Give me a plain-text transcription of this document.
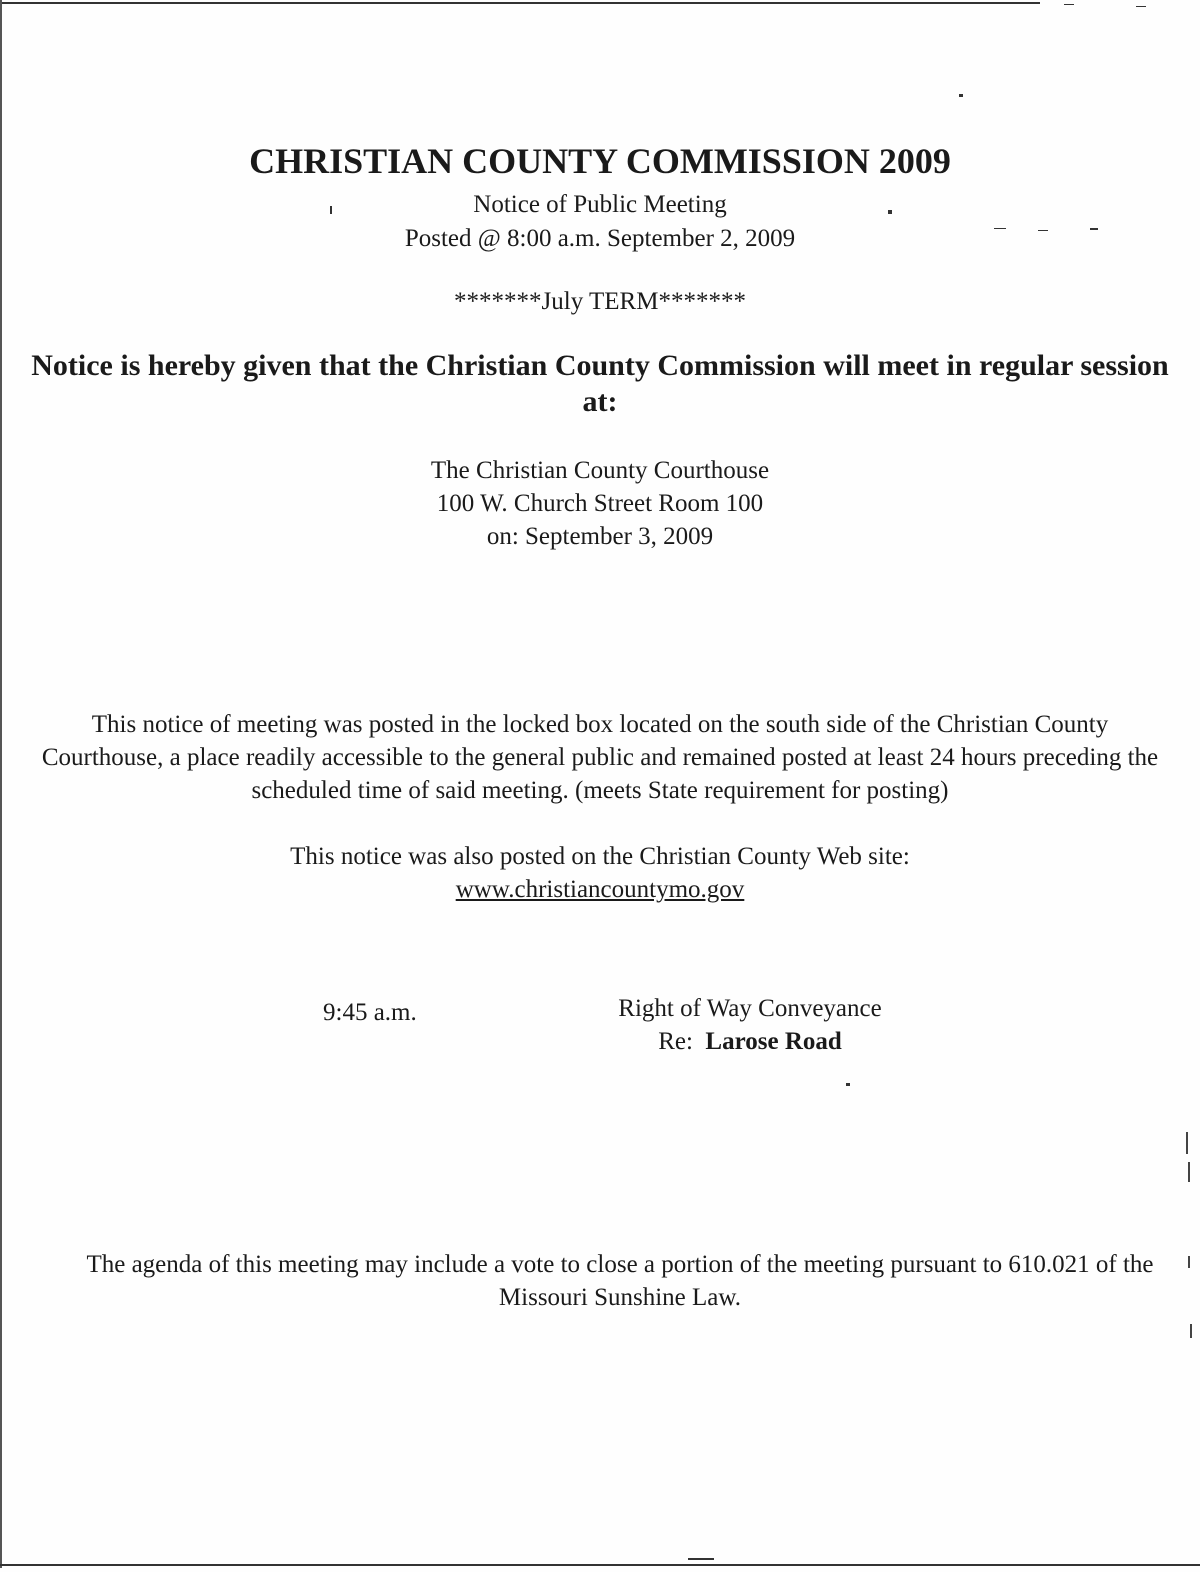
CHRISTIAN COUNTY COMMISSION 2009
Notice of Public Meeting
Posted @ 8:00 a.m. September 2, 2009
*******July TERM*******
Notice is hereby given that the Christian County Commission will meet in regular session at:
The Christian County Courthouse
100 W. Church Street Room 100
on: September 3, 2009
This notice of meeting was posted in the locked box located on the south side of the Christian County Courthouse, a place readily accessible to the general public and remained posted at least 24 hours preceding the scheduled time of said meeting. (meets State requirement for posting)
This notice was also posted on the Christian County Web site:
www.christiancountymo.gov
9:45 a.m.	Right of Way Conveyance
Re: Larose Road
The agenda of this meeting may include a vote to close a portion of the meeting pursuant to 610.021 of the Missouri Sunshine Law.
